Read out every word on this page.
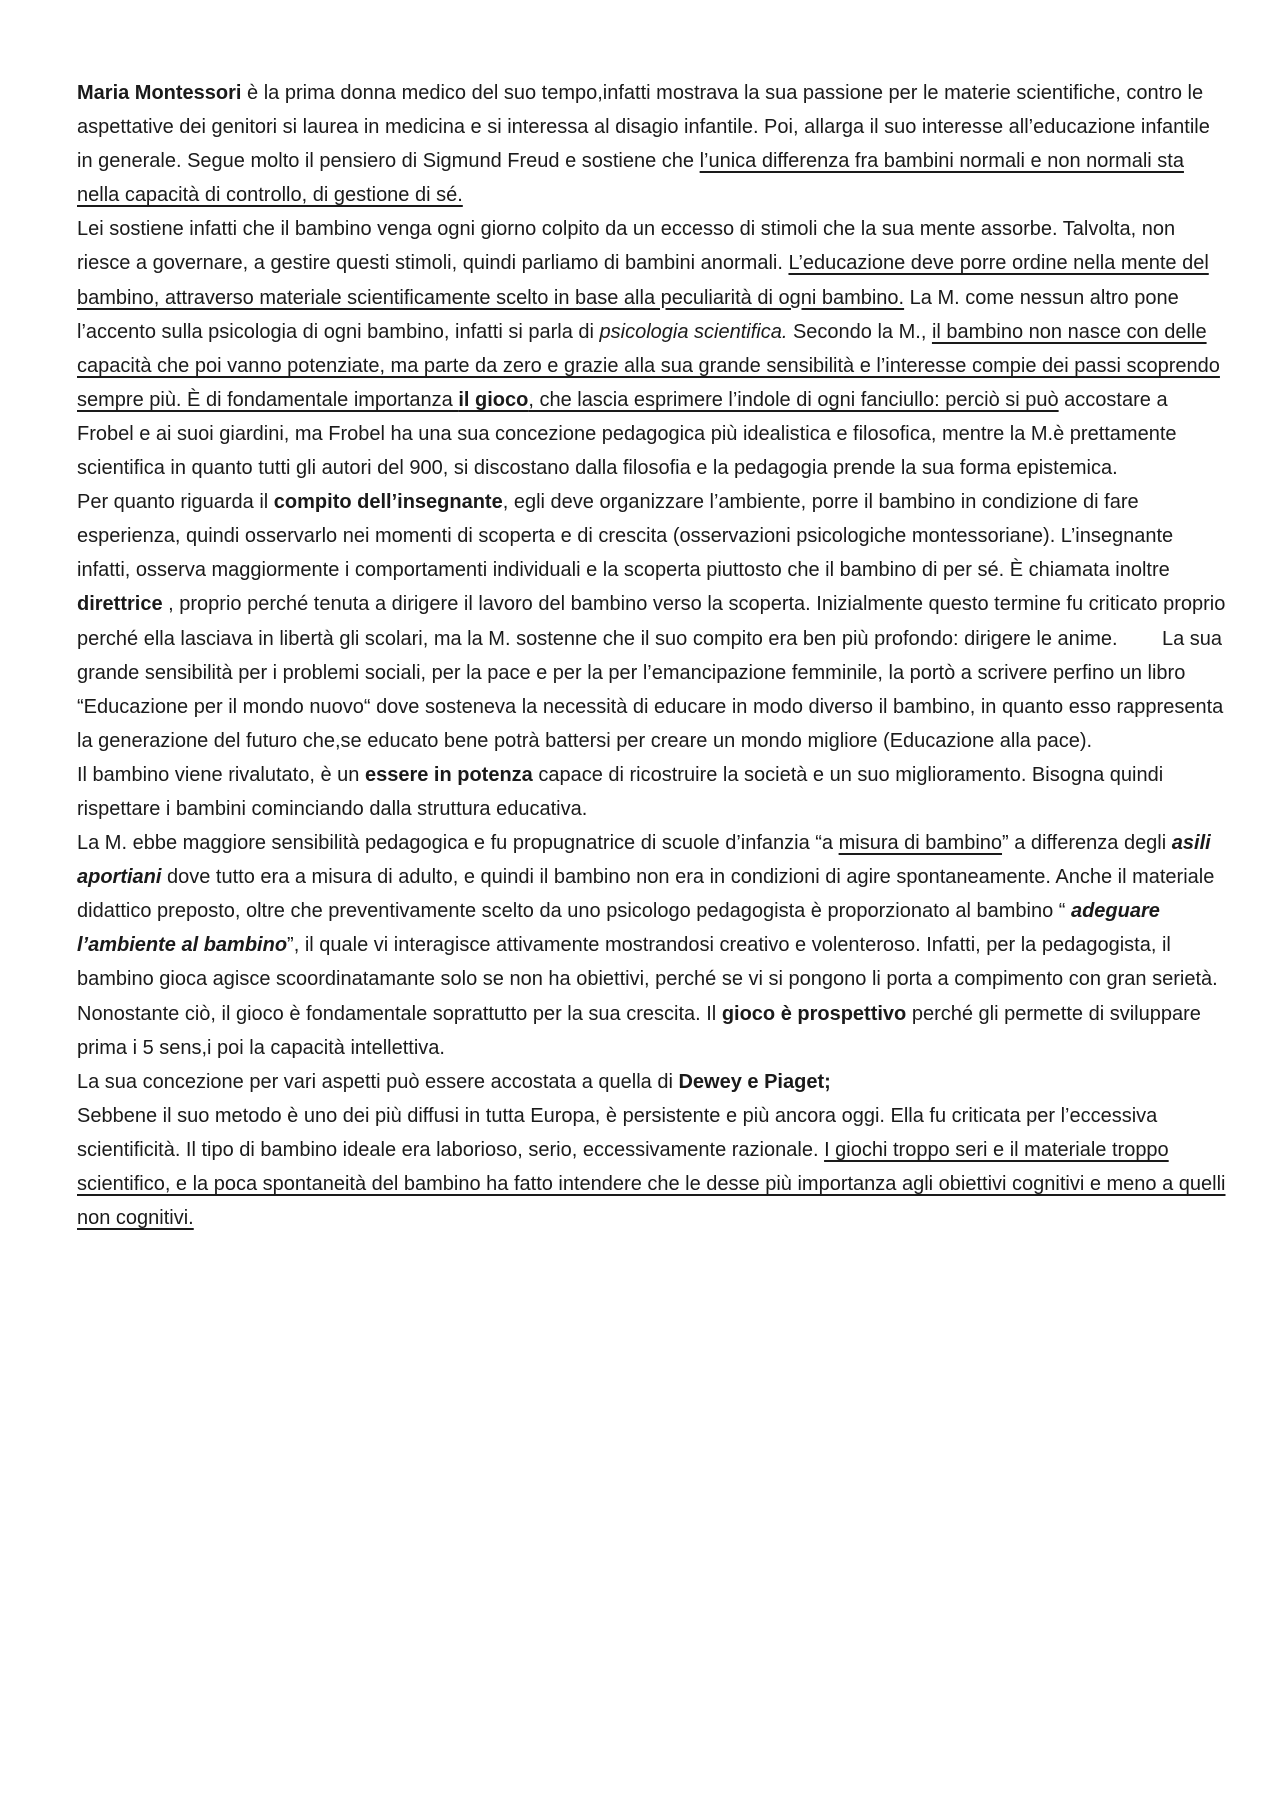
Maria Montessori è la prima donna medico del suo tempo,infatti mostrava la sua passione per le materie scientifiche, contro le aspettative dei genitori si laurea in medicina e si interessa al disagio infantile. Poi, allarga il suo interesse all’educazione infantile in generale. Segue molto il pensiero di Sigmund Freud e sostiene che l’unica differenza fra bambini normali e non normali sta nella capacità di controllo, di gestione di sé.

Lei sostiene infatti che il bambino venga ogni giorno colpito da un eccesso di stimoli che la sua mente assorbe. Talvolta, non riesce a governare, a gestire questi stimoli, quindi parliamo di bambini anormali. L’educazione deve porre ordine nella mente del bambino, attraverso materiale scientificamente scelto in base alla peculiarità di ogni bambino. La M. come nessun altro pone l’accento sulla psicologia di ogni bambino, infatti si parla di psicologia scientifica. Secondo la M., il bambino non nasce con delle capacità che poi vanno potenziate, ma parte da zero e grazie alla sua grande sensibilità e l’interesse compie dei passi scoprendo sempre più. È di fondamentale importanza il gioco, che lascia esprimere l’indole di ogni fanciullo: perciò si può accostare a Frobel e ai suoi giardini, ma Frobel ha una sua concezione pedagogica più idealistica e filosofica, mentre la M.è prettamente scientifica in quanto tutti gli autori del 900, si discostano dalla filosofia e la pedagogia prende la sua forma epistemica.

Per quanto riguarda il compito dell’insegnante, egli deve organizzare l’ambiente, porre il bambino in condizione di fare esperienza, quindi osservarlo nei momenti di scoperta e di crescita (osservazioni psicologiche montessoriane). L’insegnante infatti, osserva maggiormente i comportamenti individuali e la scoperta piuttosto che il bambino di per sé. È chiamata inoltre direttrice , proprio perché tenuta a dirigere il lavoro del bambino verso la scoperta. Inizialmente questo termine fu criticato proprio perché ella lasciava in libertà gli scolari, ma la M. sostenne che il suo compito era ben più profondo: dirigere le anime.        La sua grande sensibilità per i problemi sociali, per la pace e per la per l’emancipazione femminile, la portò a scrivere perfino un libro “Educazione per il mondo nuovo“ dove sosteneva la necessità di educare in modo diverso il bambino, in quanto esso rappresenta la generazione del futuro che,se educato bene potrà battersi per creare un mondo migliore (Educazione alla pace).

Il bambino viene rivalutato, è un essere in potenza capace di ricostruire la società e un suo miglioramento. Bisogna quindi rispettare i bambini cominciando dalla struttura educativa.

La M. ebbe maggiore sensibilità pedagogica e fu propugnatrice di scuole d’infanzia “a misura di bambino” a differenza degli asili aportiani dove tutto era a misura di adulto, e quindi il bambino non era in condizioni di agire spontaneamente. Anche il materiale didattico preposto, oltre che preventivamente scelto da uno psicologo pedagogista è proporzionato al bambino “ adeguare l’ambiente al bambino”, il quale vi interagisce attivamente mostrandosi creativo e volenteroso. Infatti, per la pedagogista, il bambino gioca agisce scoordinatamante solo se non ha obiettivi, perché se vi si pongono li porta a compimento con gran serietà. Nonostante ciò, il gioco è fondamentale soprattutto per la sua crescita. Il gioco è prospettivo perché gli permette di sviluppare prima i 5 sens,i poi la capacità intellettiva.

La sua concezione per vari aspetti può essere accostata a quella di Dewey e Piaget;

Sebbene il suo metodo è uno dei più diffusi in tutta Europa, è persistente e più ancora oggi. Ella fu criticata per l’eccessiva scientificità. Il tipo di bambino ideale era laborioso, serio, eccessivamente razionale. I giochi troppo seri e il materiale troppo scientifico, e la poca spontaneità del bambino ha fatto intendere che le desse più importanza agli obiettivi cognitivi e meno a quelli non cognitivi.
